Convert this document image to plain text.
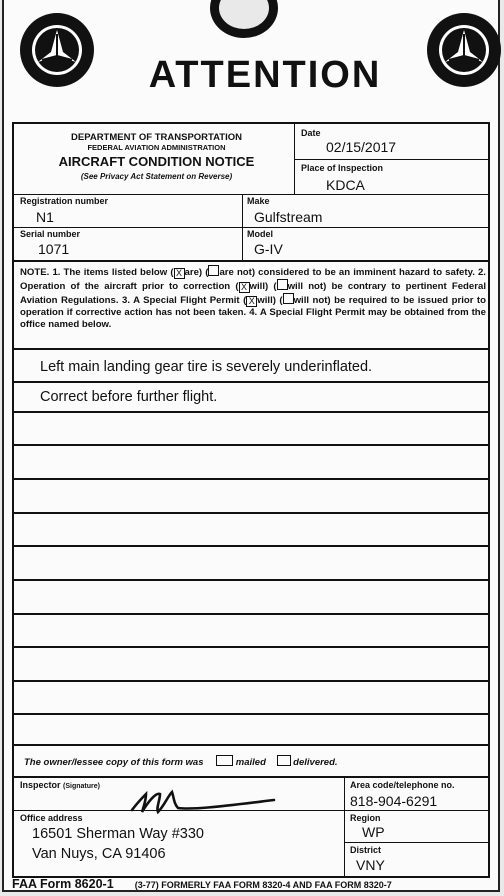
ATTENTION
DEPARTMENT OF TRANSPORTATION
FEDERAL AVIATION ADMINISTRATION
AIRCRAFT CONDITION NOTICE
(See Privacy Act Statement on Reverse)
Date
02/15/2017
Place of Inspection
KDCA
Registration number
N1
Make
Gulfstream
Serial number
1071
Model
G-IV
NOTE. 1. The items listed below ( X are) ( are not) considered to be an imminent hazard to safety. 2. Operation of the aircraft prior to correction ( X will) ( will not) be contrary to pertinent Federal Aviation Regulations. 3. A Special Flight Permit ( X will) ( will not) be required to be issued prior to operation if corrective action has not been taken. 4. A Special Flight Permit may be obtained from the office named below.
Left main landing gear tire is severely underinflated.
Correct before further flight.
The owner/lessee copy of this form was	mailed	delivered.
Inspector (Signature)	Area code/telephone no.
818-904-6291
Office address
16501 Sherman Way #330
Van Nuys, CA 91406
Region
WP
District
VNY
FAA Form 8620-1 (3-77) FORMERLY FAA FORM 8320-4 AND FAA FORM 8320-7
